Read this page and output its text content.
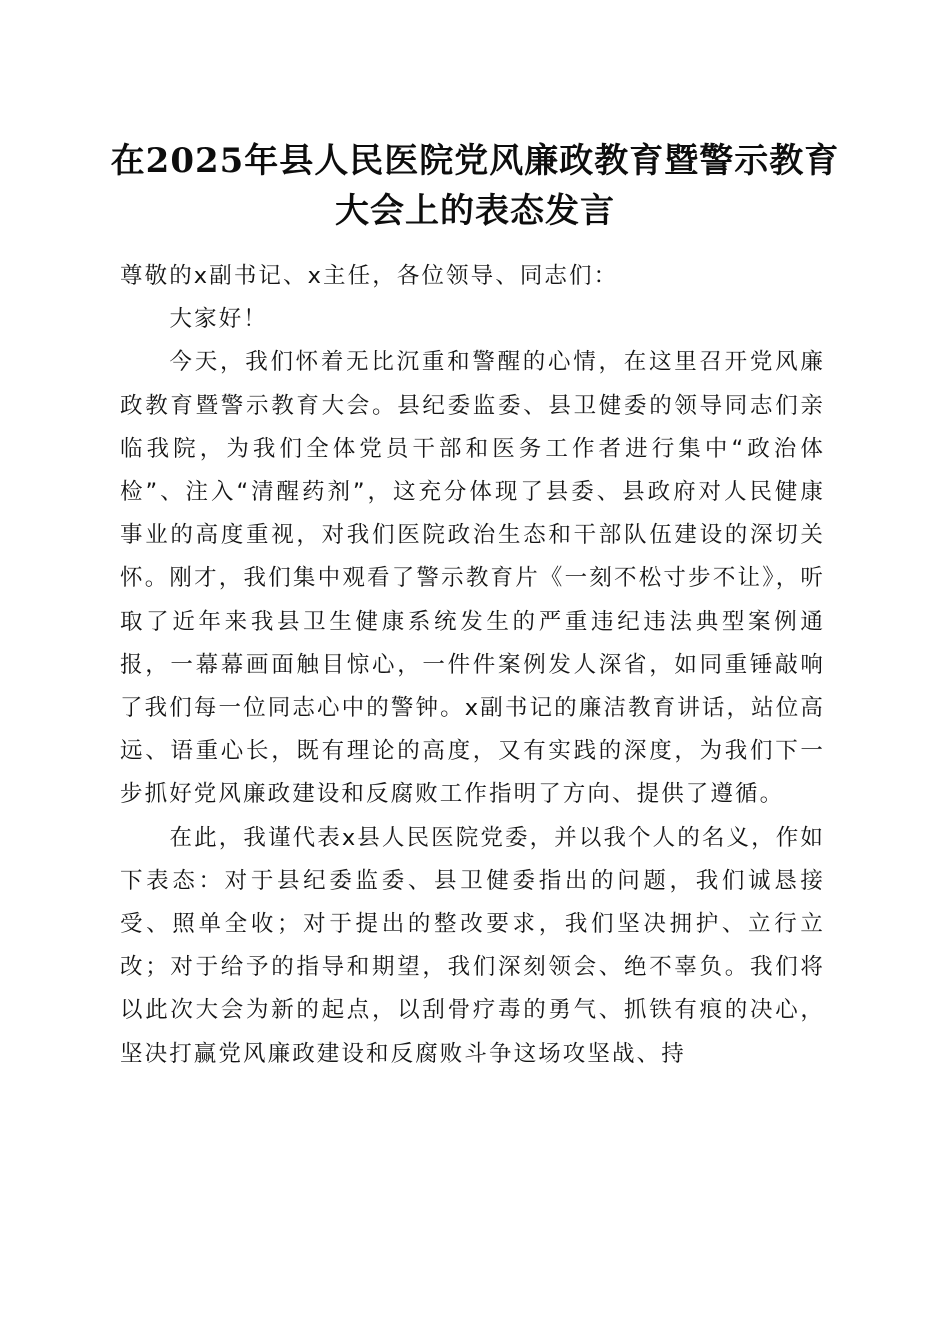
在2025年县人民医院党风廉政教育暨警示教育大会上的表态发言

尊敬的x副书记、x主任，各位领导、同志们：

大家好！

今天，我们怀着无比沉重和警醒的心情，在这里召开党风廉政教育暨警示教育大会。县纪委监委、县卫健委的领导同志们亲临我院，为我们全体党员干部和医务工作者进行集中“政治体检”、注入“清醒药剂”，这充分体现了县委、县政府对人民健康事业的高度重视，对我们医院政治生态和干部队伍建设的深切关怀。刚才，我们集中观看了警示教育片《一刻不松寸步不让》，听取了近年来我县卫生健康系统发生的严重违纪违法典型案例通报，一幕幕画面触目惊心，一件件案例发人深省，如同重锤敲响了我们每一位同志心中的警钟。x副书记的廉洁教育讲话，站位高远、语重心长，既有理论的高度，又有实践的深度，为我们下一步抓好党风廉政建设和反腐败工作指明了方向、提供了遵循。

在此，我谨代表x县人民医院党委，并以我个人的名义，作如下表态：对于县纪委监委、县卫健委指出的问题，我们诚恳接受、照单全收；对于提出的整改要求，我们坚决拥护、立行立改；对于给予的指导和期望，我们深刻领会、绝不辜负。我们将以此次大会为新的起点，以刮骨疗毒的勇气、抓铁有痕的决心，坚决打赢党风廉政建设和反腐败斗争这场攻坚战、持
